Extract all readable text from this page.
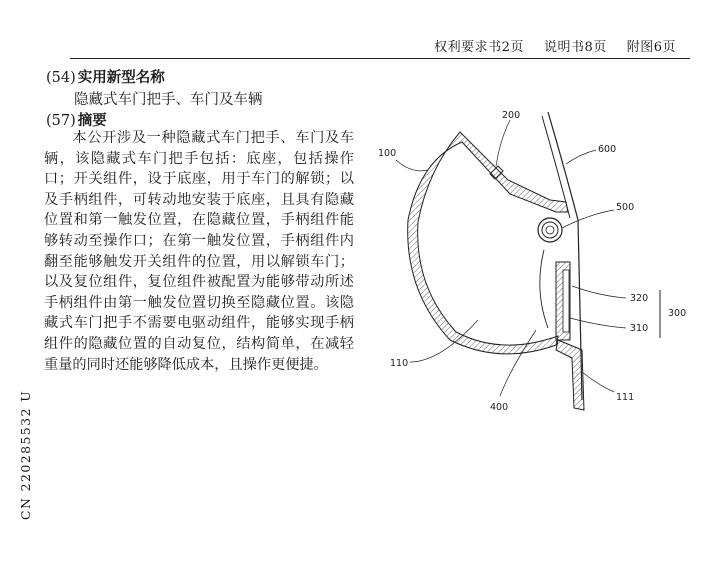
权利要求书2页 说明书8页 附图6页
(54) 实用新型名称
隐藏式车门把手、车门及车辆
(57) 摘要

本公开涉及一种隐藏式车门把手、车门及车辆，该隐藏式车门把手包括：底座，包括操作口；开关组件，设于底座，用于车门的解锁；以及手柄组件，可转动地安装于底座，且具有隐藏位置和第一触发位置，在隐藏位置，手柄组件能够转动至操作口；在第一触发位置，手柄组件内翻至能够触发开关组件的位置，用以解锁车门；以及复位组件，复位组件被配置为能够带动所述手柄组件由第一触发位置切换至隐藏位置。该隐藏式车门把手不需要电驱动组件，能够实现手柄组件的隐藏位置的自动复位，结构简单，在减轻重量的同时还能够降低成本，且操作更便捷。

CN 220285532 U
100
200
600
500
320
300
310
110
400
111
